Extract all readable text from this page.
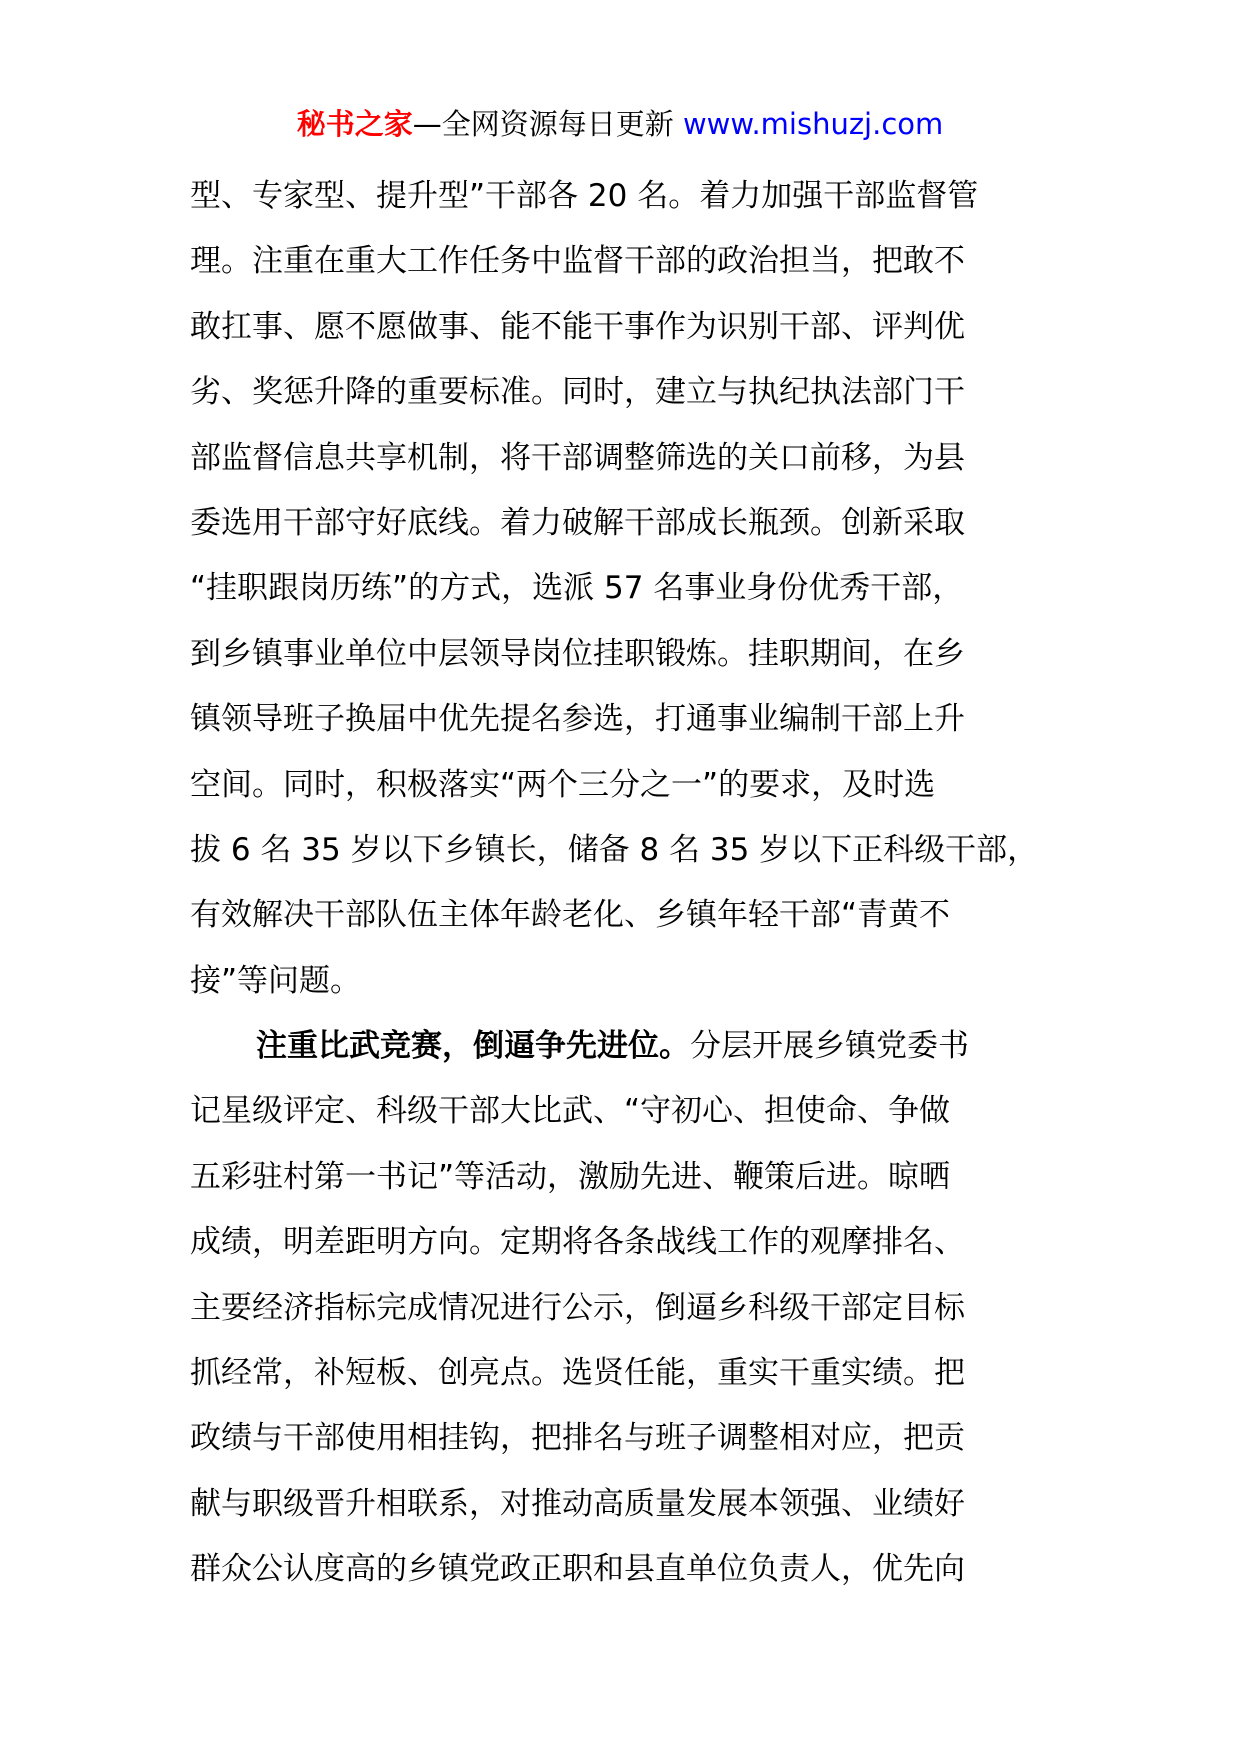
秘书之家—全网资源每日更新 www.mishuzj.com
型、专家型、提升型”干部各 20 名。着力加强干部监督管
理。注重在重大工作任务中监督干部的政治担当，把敢不
敢扛事、愿不愿做事、能不能干事作为识别干部、评判优
劣、奖惩升降的重要标准。同时，建立与执纪执法部门干
部监督信息共享机制，将干部调整筛选的关口前移，为县
委选用干部守好底线。着力破解干部成长瓶颈。创新采取
“挂职跟岗历练”的方式，选派 57 名事业身份优秀干部，
到乡镇事业单位中层领导岗位挂职锻炼。挂职期间，在乡
镇领导班子换届中优先提名参选，打通事业编制干部上升
空间。同时，积极落实“两个三分之一”的要求，及时选
拔 6 名 35 岁以下乡镇长，储备 8 名 35 岁以下正科级干部，
有效解决干部队伍主体年龄老化、乡镇年轻干部“青黄不
接”等问题。
注重比武竞赛，倒逼争先进位。分层开展乡镇党委书
记星级评定、科级干部大比武、“守初心、担使命、争做
五彩驻村第一书记”等活动，激励先进、鞭策后进。晾晒
成绩，明差距明方向。定期将各条战线工作的观摩排名、
主要经济指标完成情况进行公示，倒逼乡科级干部定目标
抓经常，补短板、创亮点。选贤任能，重实干重实绩。把
政绩与干部使用相挂钩，把排名与班子调整相对应，把贡
献与职级晋升相联系，对推动高质量发展本领强、业绩好
群众公认度高的乡镇党政正职和县直单位负责人，优先向
